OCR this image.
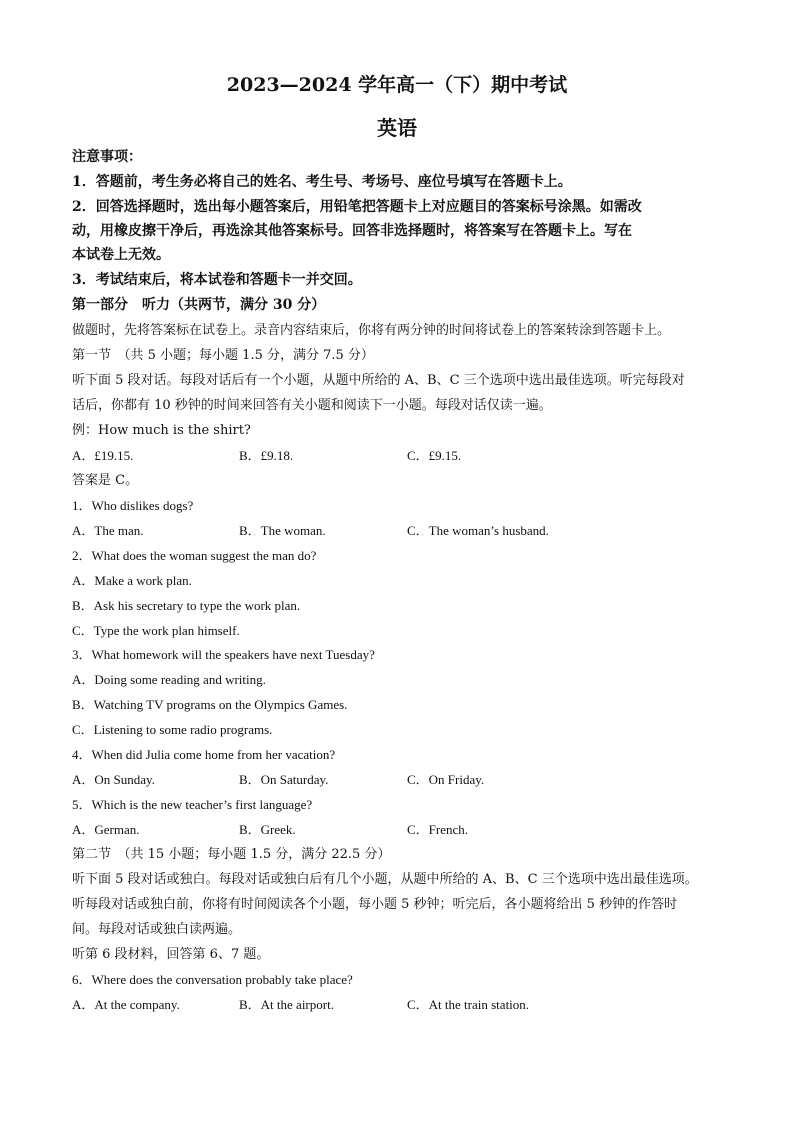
2023—2024 学年高一（下）期中考试
英语
注意事项：
1．答题前，考生务必将自己的姓名、考生号、考场号、座位号填写在答题卡上。
2．回答选择题时，选出每小题答案后，用铅笔把答题卡上对应题目的答案标号涂黑。如需改
动，用橡皮擦干净后，再选涂其他答案标号。回答非选择题时，将答案写在答题卡上。写在
本试卷上无效。
3．考试结束后，将本试卷和答题卡一并交回。
第一部分　听力（共两节，满分 30 分）
做题时，先将答案标在试卷上。录音内容结束后，你将有两分钟的时间将试卷上的答案转涂到答题卡上。
第一节　（共 5 小题；每小题 1.5 分，满分 7.5 分）
听下面 5 段对话。每段对话后有一个小题，从题中所给的 A、B、C 三个选项中选出最佳选项。听完每段对
话后，你都有 10 秒钟的时间来回答有关小题和阅读下一小题。每段对话仅读一遍。
例：How much is the shirt?
A．£19.15.	B．£9.18.	C．£9.15.
答案是 C。
1．Who dislikes dogs?
A．The man.	B．The woman.	C．The woman’s husband.
2．What does the woman suggest the man do?
A．Make a work plan.
B．Ask his secretary to type the work plan.
C．Type the work plan himself.
3．What homework will the speakers have next Tuesday?
A．Doing some reading and writing.
B．Watching TV programs on the Olympics Games.
C．Listening to some radio programs.
4．When did Julia come home from her vacation?
A．On Sunday.	B．On Saturday.	C．On Friday.
5．Which is the new teacher’s first language?
A．German.	B．Greek.	C．French.
第二节　（共 15 小题；每小题 1.5 分，满分 22.5 分）
听下面 5 段对话或独白。每段对话或独白后有几个小题，从题中所给的 A、B、C 三个选项中选出最佳选项。
听每段对话或独白前，你将有时间阅读各个小题，每小题 5 秒钟；听完后，各小题将给出 5 秒钟的作答时
间。每段对话或独白读两遍。
听第 6 段材料，回答第 6、7 题。
6．Where does the conversation probably take place?
A．At the company.	B．At the airport.	C．At the train station.
